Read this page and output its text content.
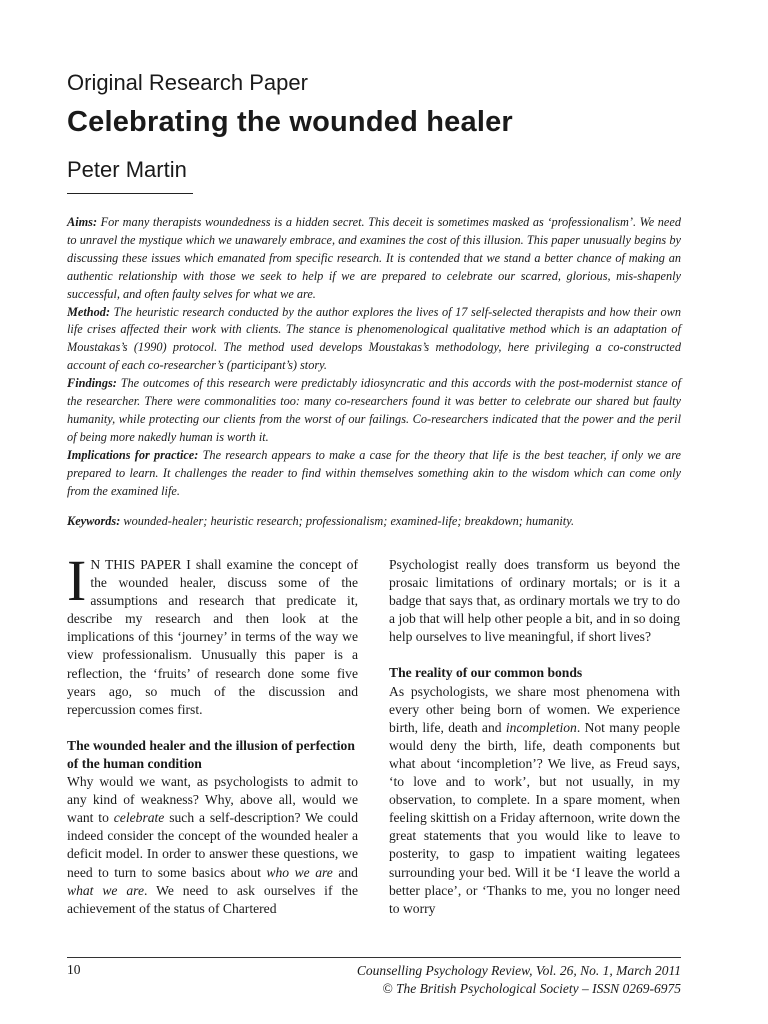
Original Research Paper
Celebrating the wounded healer
Peter Martin

Aims: For many therapists woundedness is a hidden secret. This deceit is sometimes masked as ‘professionalism’. We need to unravel the mystique which we unawarely embrace, and examines the cost of this illusion. This paper unusually begins by discussing these issues which emanated from specific research. It is contended that we stand a better chance of making an authentic relationship with those we seek to help if we are prepared to celebrate our scarred, glorious, mis-shapenly successful, and often faulty selves for what we are.

Method: The heuristic research conducted by the author explores the lives of 17 self-selected therapists and how their own life crises affected their work with clients. The stance is phenomenological qualitative method which is an adaptation of Moustakas’s (1990) protocol. The method used develops Moustakas’s methodology, here privileging a co-constructed account of each co-researcher’s (participant’s) story.

Findings: The outcomes of this research were predictably idiosyncratic and this accords with the post-modernist stance of the researcher. There were commonalities too: many co-researchers found it was better to celebrate our shared but faulty humanity, while protecting our clients from the worst of our failings. Co-researchers indicated that the power and the peril of being more nakedly human is worth it.

Implications for practice: The research appears to make a case for the theory that life is the best teacher, if only we are prepared to learn. It challenges the reader to find within themselves something akin to the wisdom which can come only from the examined life.

Keywords: wounded-healer; heuristic research; professionalism; examined-life; breakdown; humanity.

I N THIS PAPER I shall examine the concept of the wounded healer, discuss some of the assumptions and research that predicate it, describe my research and then look at the implications of this ‘journey’ in terms of the way we view professionalism. Unusually this paper is a reflection, the ‘fruits’ of research done some five years ago, so much of the discussion and repercussion comes first.

The wounded healer and the illusion of perfection of the human condition

Why would we want, as psychologists to admit to any kind of weakness? Why, above all, would we want to celebrate such a self-description? We could indeed consider the concept of the wounded healer a deficit model. In order to answer these questions, we need to turn to some basics about who we are and what we are. We need to ask ourselves if the achievement of the status of Chartered

Psychologist really does transform us beyond the prosaic limitations of ordinary mortals; or is it a badge that says that, as ordinary mortals we try to do a job that will help other people a bit, and in so doing help ourselves to live meaningful, if short lives?

The reality of our common bonds

As psychologists, we share most phenomena with every other being born of women. We experience birth, life, death and incompletion. Not many people would deny the birth, life, death components but what about ‘incompletion’? We live, as Freud says, ‘to love and to work’, but not usually, in my observation, to complete. In a spare moment, when feeling skittish on a Friday afternoon, write down the great statements that you would like to leave to posterity, to gasp to impatient waiting legatees surrounding your bed. Will it be ‘I leave the world a better place’, or ‘Thanks to me, you no longer need to worry

10	Counselling Psychology Review, Vol. 26, No. 1, March 2011
© The British Psychological Society – ISSN 0269-6975
